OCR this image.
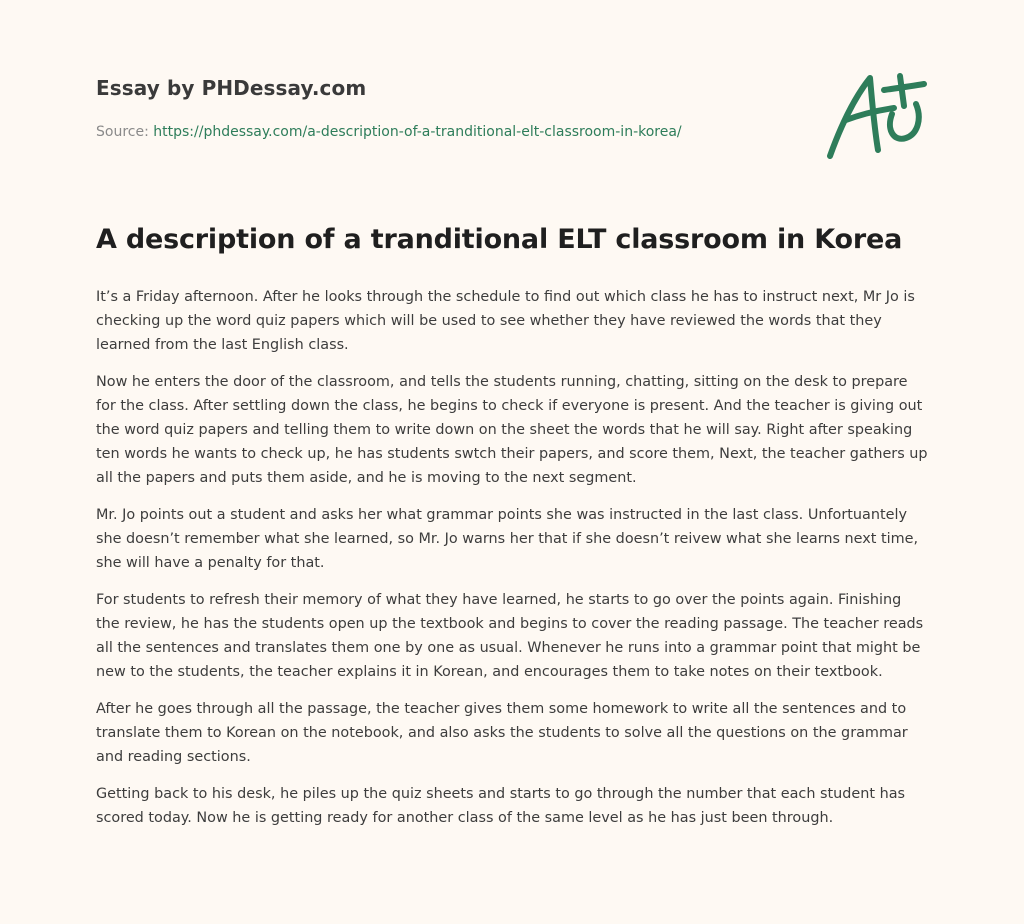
Essay by PHDessay.com
Source: https://phdessay.com/a-description-of-a-tranditional-elt-classroom-in-korea/
A description of a tranditional ELT classroom in Korea

It’s a Friday afternoon. After he looks through the schedule to find out which class he has to instruct next, Mr Jo is checking up the word quiz papers which will be used to see whether they have reviewed the words that they learned from the last English class.

Now he enters the door of the classroom, and tells the students running, chatting, sitting on the desk to prepare for the class. After settling down the class, he begins to check if everyone is present. And the teacher is giving out the word quiz papers and telling them to write down on the sheet the words that he will say. Right after speaking ten words he wants to check up, he has students swtch their papers, and score them, Next, the teacher gathers up all the papers and puts them aside, and he is moving to the next segment.

Mr. Jo points out a student and asks her what grammar points she was instructed in the last class. Unfortuantely she doesn’t remember what she learned, so Mr. Jo warns her that if she doesn’t reivew what she learns next time, she will have a penalty for that.

For students to refresh their memory of what they have learned, he starts to go over the points again. Finishing the review, he has the students open up the textbook and begins to cover the reading passage. The teacher reads all the sentences and translates them one by one as usual. Whenever he runs into a grammar point that might be new to the students, the teacher explains it in Korean, and encourages them to take notes on their textbook.

After he goes through all the passage, the teacher gives them some homework to write all the sentences and to translate them to Korean on the notebook, and also asks the students to solve all the questions on the grammar and reading sections.

Getting back to his desk, he piles up the quiz sheets and starts to go through the number that each student has scored today. Now he is getting ready for another class of the same level as he has just been through.
